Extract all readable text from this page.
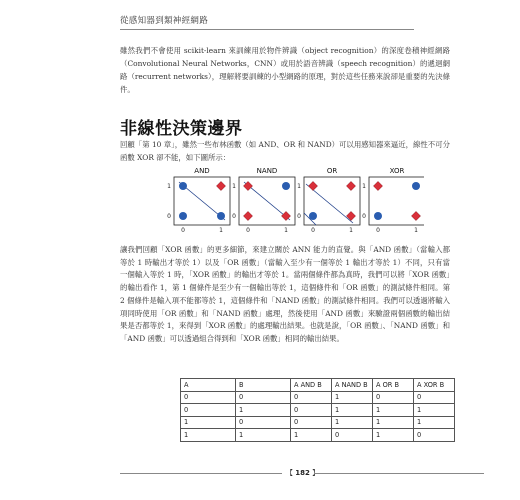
從感知器到類神經網路
雖然我們不會使用 scikit-learn 來訓練用於物件辨識（object recognition）的深度卷積神經網路（Convolutional Neural Networks，CNN）或用於語音辨識（speech recognition）的遞迴網路（recurrent networks），理解將要訓練的小型網路的原理，對於這些任務來說卻是重要的先決條件。
非線性決策邊界
回顧「第 10 章」，雖然一些布林函數（如 AND、OR 和 NAND）可以用感知器來逼近，線性不可分函數 XOR 卻不能，如下圖所示：
AND	NAND	OR	XOR
1
0
0	1
1
0
0	1
1
0
0	1
1
0
0	1
讓我們回顧「XOR 函數」的更多細節，來建立關於 ANN 能力的直覺。與「AND 函數」（當輸入都等於 1 時輸出才等於 1）以及「OR 函數」（當輸入至少有一個等於 1 輸出才等於 1）不同，只有當一個輸入等於 1 時，「XOR 函數」的輸出才等於 1。當兩個條件都為真時，我們可以將「XOR 函數」的輸出看作 1，第 1 個條件是至少有一個輸出等於 1，這個條件和「OR 函數」的測試條件相同。第 2 個條件是輸入項不能都等於 1，這個條件和「NAND 函數」的測試條件相同。我們可以透過將輸入項同時使用「OR 函數」和「NAND 函數」處理，然後使用「AND 函數」來驗證兩個函數的輸出結果是否都等於 1，來得到「XOR 函數」的處理輸出結果。也就是說，「OR 函數」、「NAND 函數」和「AND 函數」可以透過組合得到和「XOR 函數」相同的輸出結果。
A	B	A AND B	A NAND B	A OR B	A XOR B
0	0	0	1	0	0
0	1	0	1	1	1
1	0	0	1	1	1
1	1	1	0	1	0
【 182 】
